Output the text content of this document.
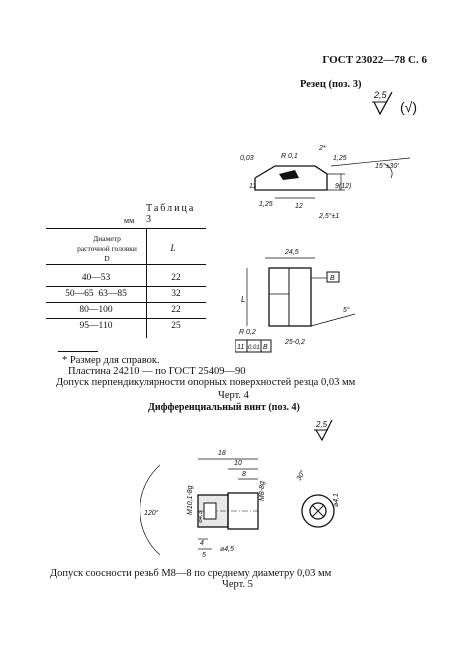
ГОСТ 23022—78 С. 6
Резец (поз. 3)
2,5
(√)
0,03	R 0,1
2*
1,25
15°±30'
11	9(12)
1,25	12
2,5°±1
24,5
B
L
5°
R 0,2
25-0,2
11 0,01 B
Таблица 3
мм
Диаметр расточной головки D
L
40—53	22
50—65  63—85	32
80—100	22
95—110	25
* Размер для справок.
Пластина 24210 — по ГОСТ 25409—90
Допуск перпендикулярности опорных поверхностей резца 0,03 мм
Черт. 4
Дифференциальный винт (поз. 4)
2,5
120°
18
10
8
M8-8g
M10,1-8g
⌀4,3
4
5
⌀4,5
⌀4,1
30°
Допуск соосности резьб М8—8 по среднему диаметру 0,03 мм
Черт. 5
